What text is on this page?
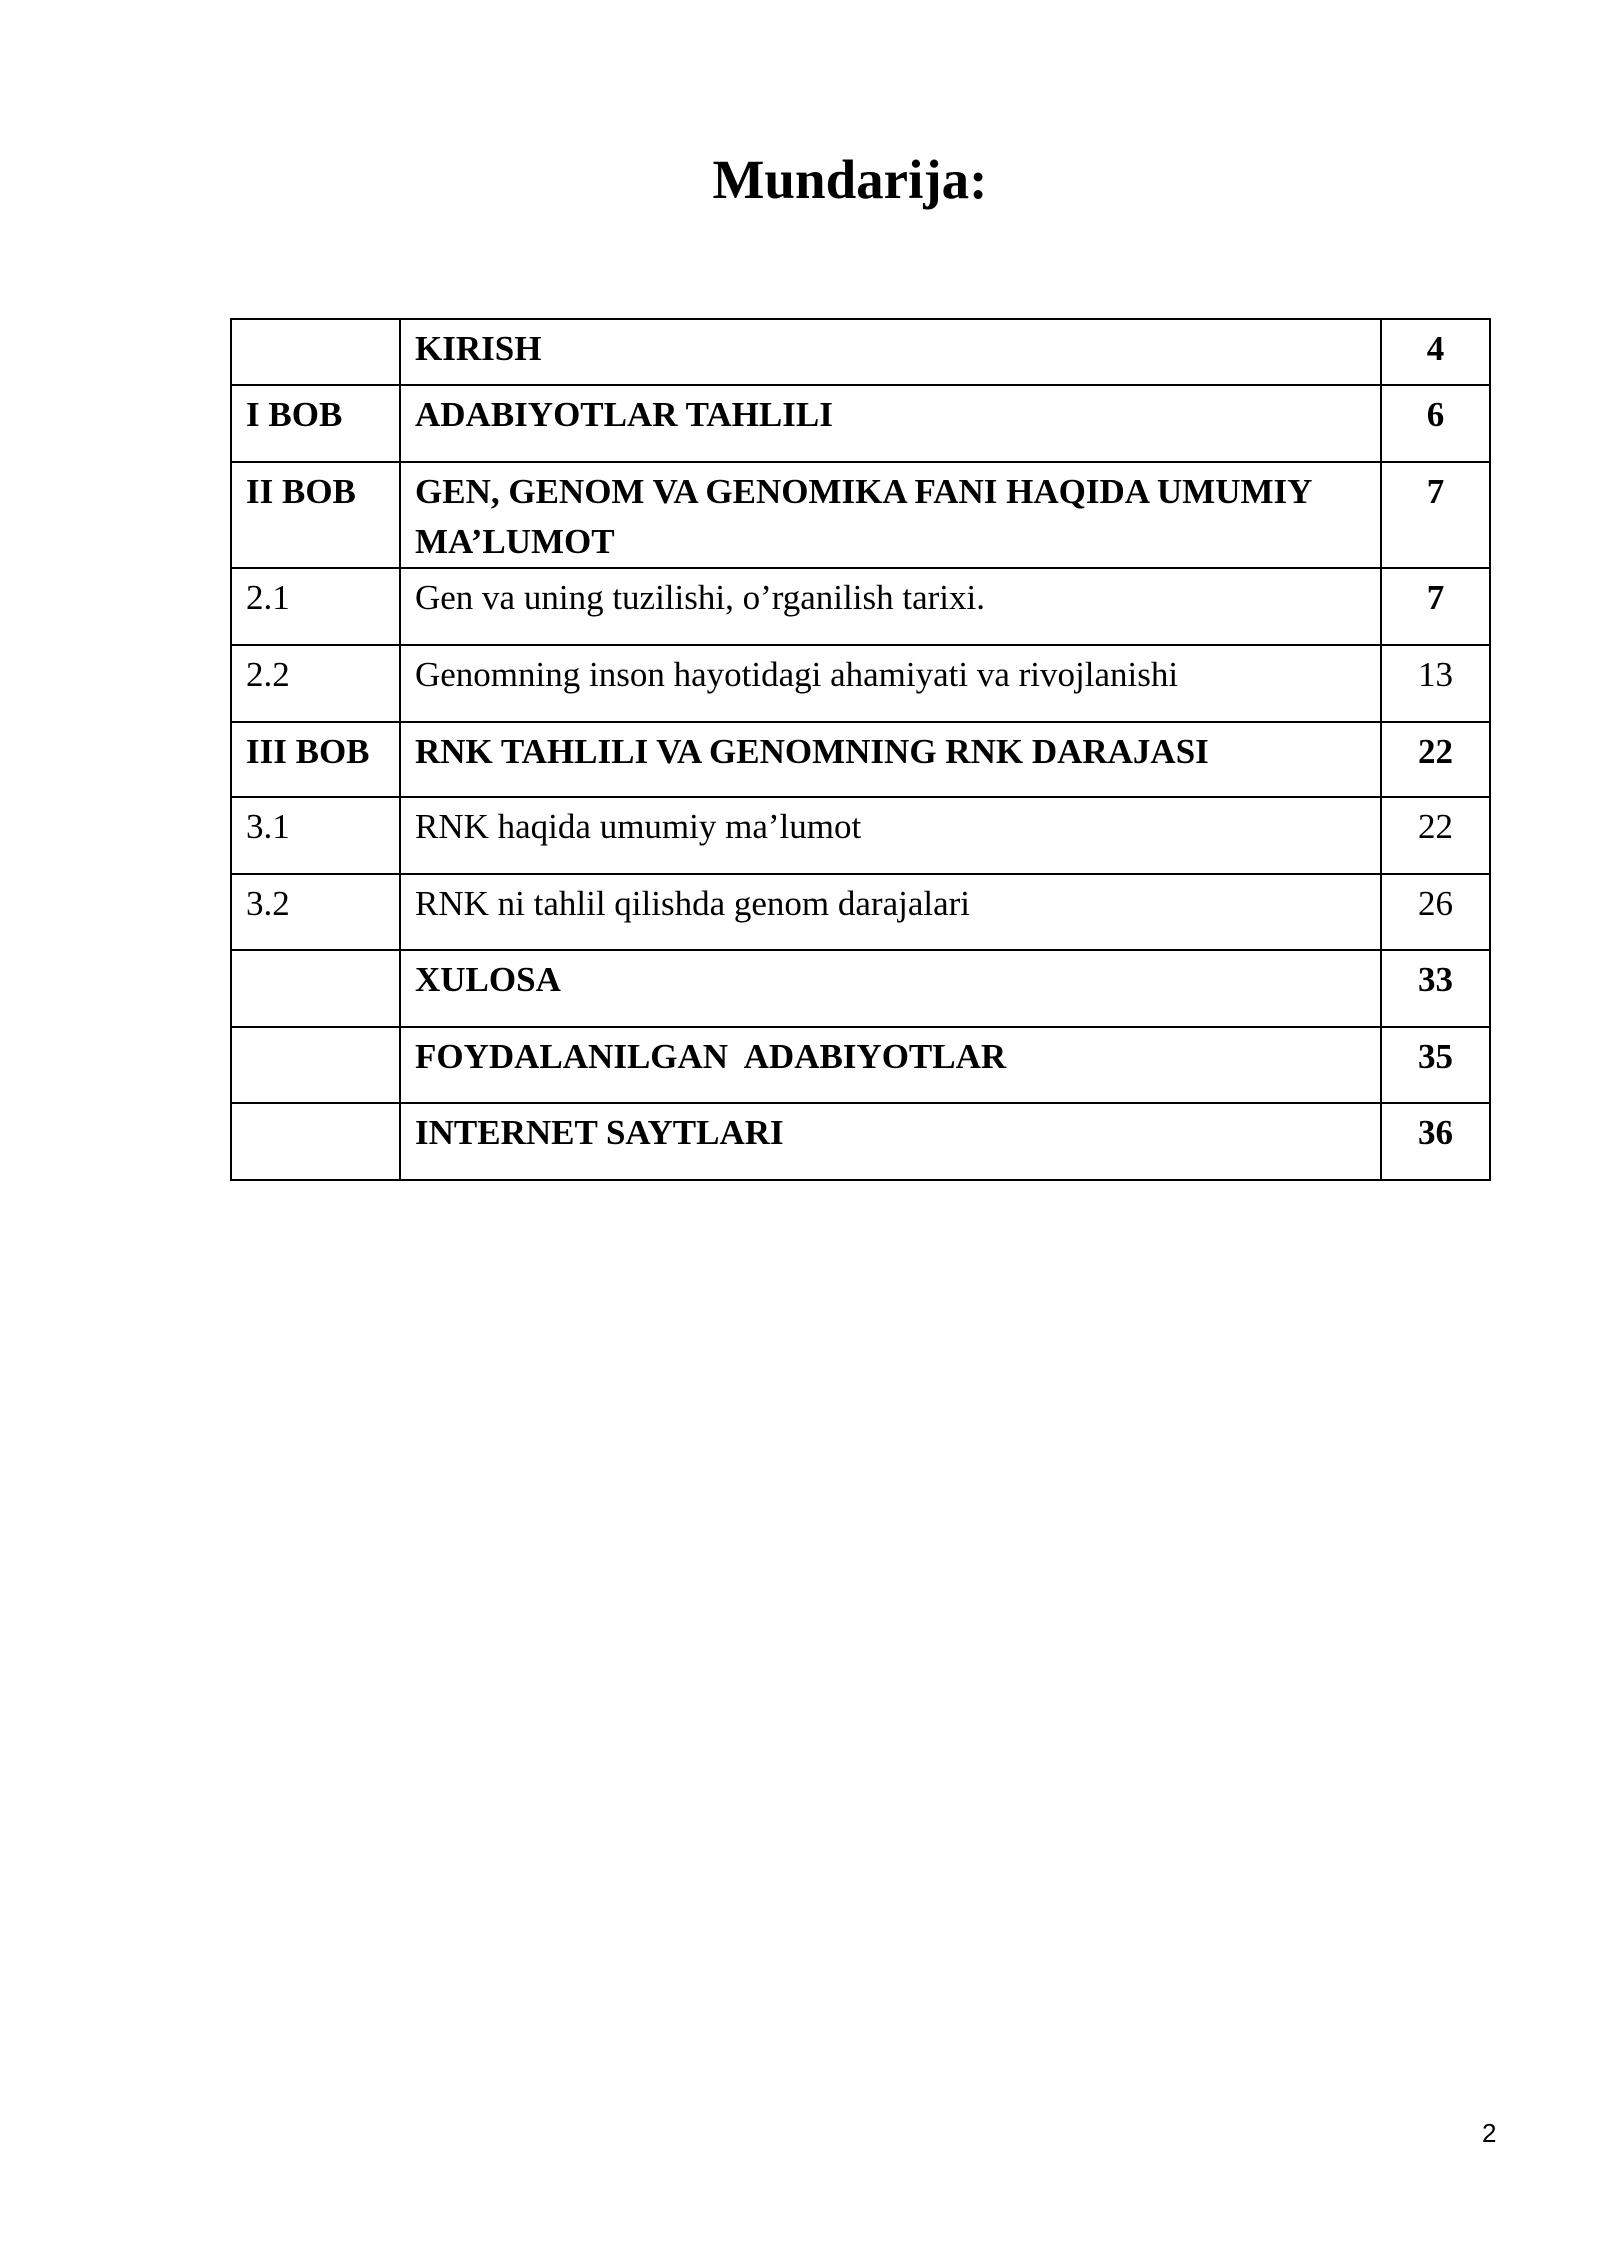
Mundarija:
	KIRISH	4
I BOB	ADABIYOTLAR TAHLILI	6
II BOB	GEN, GENOM VA GENOMIKA FANI HAQIDA UMUMIY MA’LUMOT	7
2.1	Gen va uning tuzilishi, o’rganilish tarixi.	7
2.2	Genomning inson hayotidagi ahamiyati va rivojlanishi	13
III BOB	RNK TAHLILI VA GENOMNING RNK DARAJASI	22
3.1	RNK haqida umumiy ma’lumot	22
3.2	RNK ni tahlil qilishda genom darajalari	26
	XULOSA	33
	FOYDALANILGAN  ADABIYOTLAR	35
	INTERNET SAYTLARI	36
2
